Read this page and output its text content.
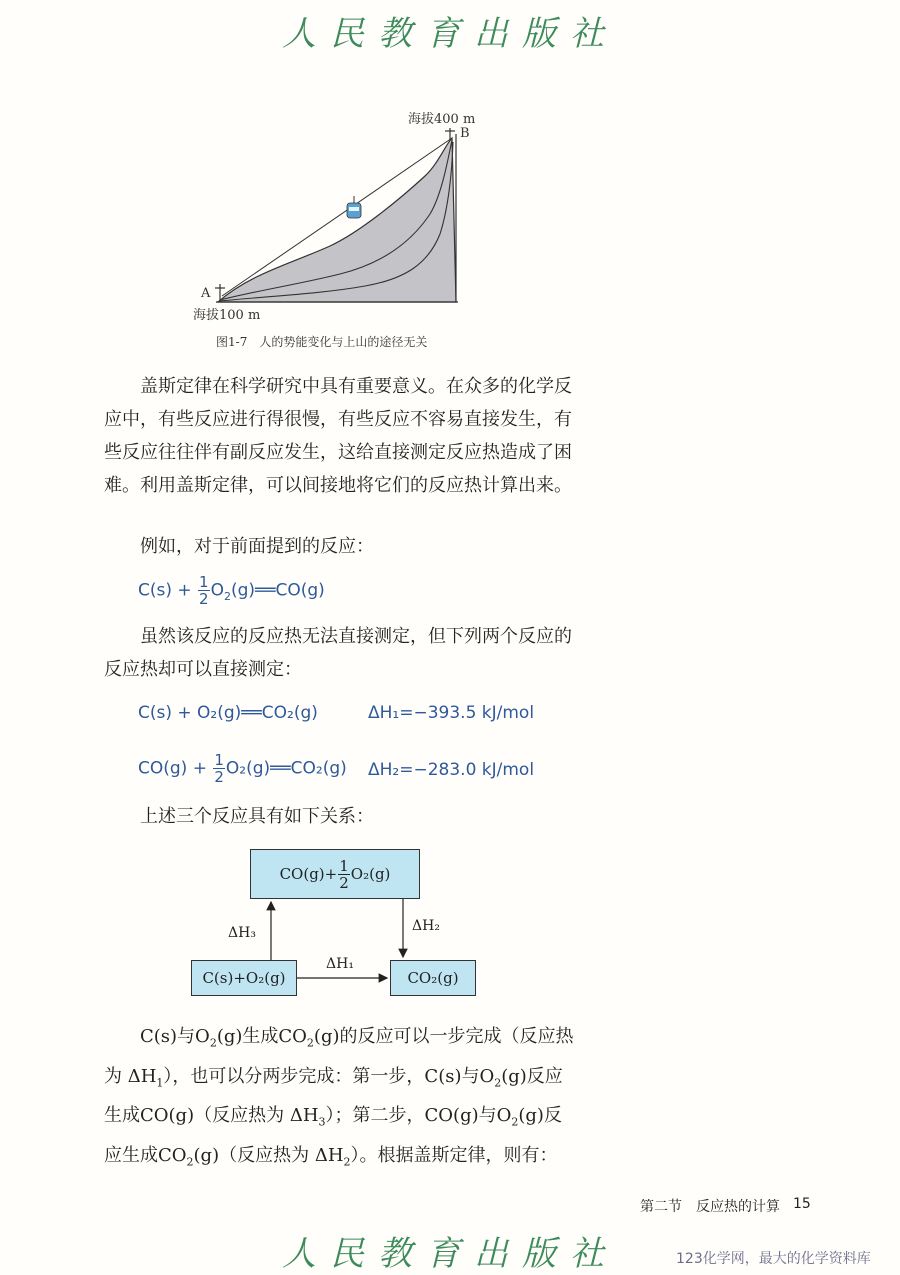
人民教育出版社
海拔400 m
B
A
海拔100 m
图1-7　人的势能变化与上山的途径无关

盖斯定律在科学研究中具有重要意义。在众多的化学反应中，有些反应进行得很慢，有些反应不容易直接发生，有些反应往往伴有副反应发生，这给直接测定反应热造成了困难。利用盖斯定律，可以间接地将它们的反应热计算出来。

例如，对于前面提到的反应：

$C(s) + \frac{1}{2}$ $O_2(g)══CO(g)$

虽然该反应的反应热无法直接测定，但下列两个反应的反应热却可以直接测定：

C(s) + O₂(g)══CO₂(g)	ΔH₁=−393.5 kJ/mol
$CO(g) + \frac{1}{2}$ O₂(g)══CO₂(g) ΔH₂=−283.0 kJ/mol

上述三个反应具有如下关系：

$CO(g)+ \frac{1}{2} O_2(g)$
C(s)+O₂(g)	CO₂(g)
ΔH₃	ΔH₂
ΔH₁

C(s)与$O_2(g)$生成$CO_2(g)$的反应可以一步完成（反应热为 $\Delta H_1$），也可以分两步完成：第一步，C(s)与$O_2(g)$反应生成CO(g)（反应热为 $\Delta H_3$）；第二步，CO(g)与$O_2(g)$反应生成$CO_2(g)$（反应热为 $\Delta H_2$）。根据盖斯定律，则有：

第二节　反应热的计算 15
人民教育出版社	123化学网，最大的化学资料库
